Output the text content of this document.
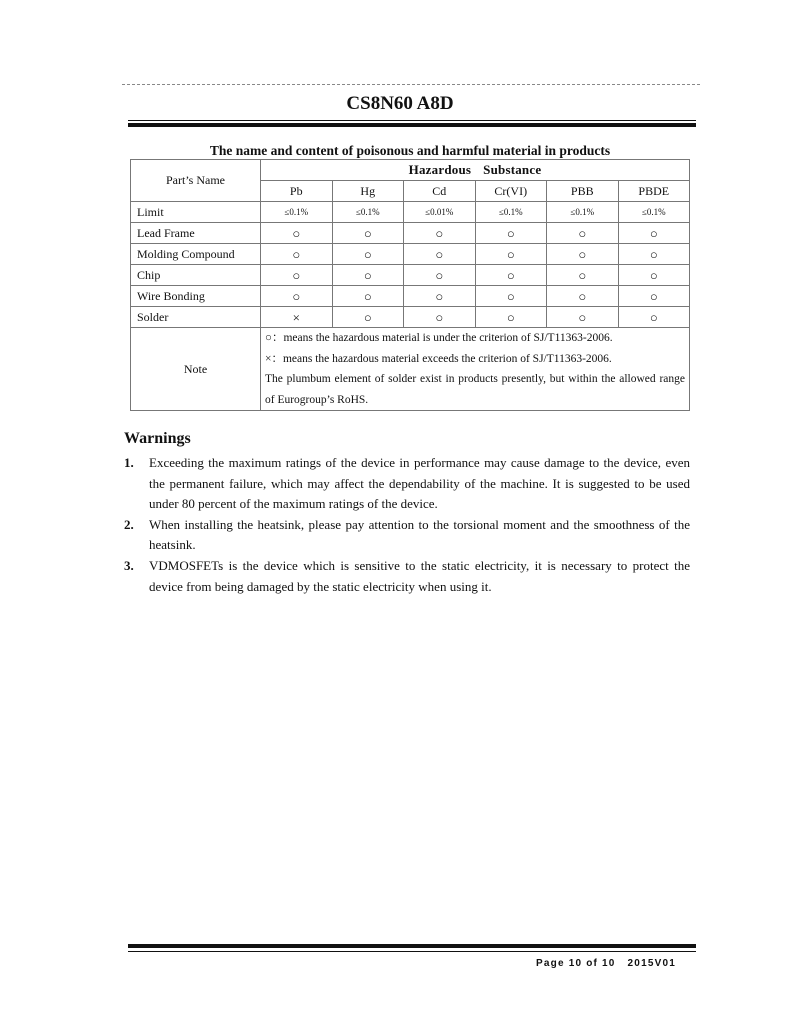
CS8N60 A8D
The name and content of poisonous and harmful material in products
Part’s Name	Hazardous Substance					
	Pb	Hg	Cd	Cr(VI)	PBB	PBDE
Limit	≤0.1%	≤0.1%	≤0.01%	≤0.1%	≤0.1%	≤0.1%
Lead Frame	○	○	○	○	○	○
Molding Compound	○	○	○	○	○	○
Chip	○	○	○	○	○	○
Wire Bonding	○	○	○	○	○	○
Solder	×	○	○	○	○	○
Note	○：means the hazardous material is under the criterion of SJ/T11363-2006.
×：means the hazardous material exceeds the criterion of SJ/T11363-2006.
The plumbum element of solder exist in products presently, but within the allowed range of Eurogroup’s RoHS.					
Warnings
1. Exceeding the maximum ratings of the device in performance may cause damage to the device, even the permanent failure, which may affect the dependability of the machine. It is suggested to be used under 80 percent of the maximum ratings of the device.
2. When installing the heatsink, please pay attention to the torsional moment and the smoothness of the heatsink.
3. VDMOSFETs is the device which is sensitive to the static electricity, it is necessary to protect the device from being damaged by the static electricity when using it.
Page 10 of 10 2015V01
